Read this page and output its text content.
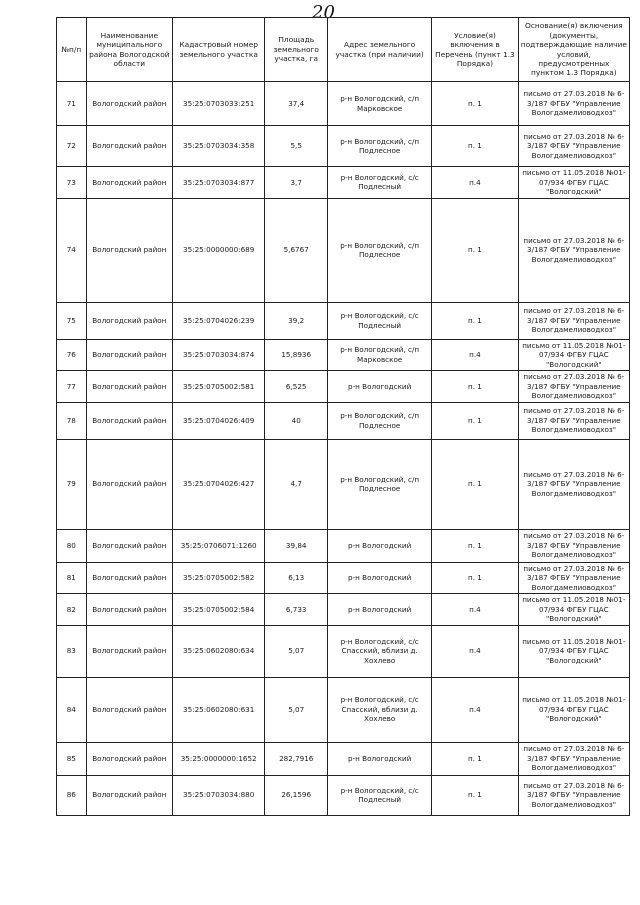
20
№п/п	Наименование муниципального района Вологодской области	Кадастровый номер земельного участка	Площадь земельного участка, га	Адрес земельного участка (при наличии)	Условие(я) включения в Перечень (пункт 1.3 Порядка)	Основание(я) включения (документы, подтверждающие наличие условий, предусмотренных пунктом 1.3 Порядка)
71	Вологодский район	35:25:0703033:251	37,4	р-н Вологодский, с/п Марковское	п. 1	письмо от 27.03.2018 № 6-3/187 ФГБУ "Управление Вологдамелиоводхоз"
72	Вологодский район	35:25:0703034:358	5,5	р-н Вологодский, с/п Подлесное	п. 1	письмо от 27.03.2018 № 6-3/187 ФГБУ "Управление Вологдамелиоводхоз"
73	Вологодский район	35:25:0703034:877	3,7	р-н Вологодский, с/с Подлесный	п.4	письмо от 11.05.2018 №01-07/934 ФГБУ ГЦАС "Вологодский"
74	Вологодский район	35:25:0000000:689	5,6767	р-н Вологодский, с/п Подлесное	п. 1	письмо от 27.03.2018 № 6-3/187 ФГБУ "Управление Вологдамелиоводхоз"
75	Вологодский район	35:25:0704026:239	39,2	р-н Вологодский, с/с Подлесный	п. 1	письмо от 27.03.2018 № 6-3/187 ФГБУ "Управление Вологдамелиоводхоз"
76	Вологодский район	35:25:0703034:874	15,8936	р-н Вологодский, с/п Марковское	п.4	письмо от 11.05.2018 №01-07/934 ФГБУ ГЦАС "Вологодский"
77	Вологодский район	35:25:0705002:581	6,525	р-н Вологодский	п. 1	письмо от 27.03.2018 № 6-3/187 ФГБУ "Управление Вологдамелиоводхоз"
78	Вологодский район	35:25:0704026:409	40	р-н Вологодский, с/п Подлесное	п. 1	письмо от 27.03.2018 № 6-3/187 ФГБУ "Управление Вологдамелиоводхоз"
79	Вологодский район	35:25:0704026:427	4,7	р-н Вологодский, с/п Подлесное	п. 1	письмо от 27.03.2018 № 6-3/187 ФГБУ "Управление Вологдамелиоводхоз"
80	Вологодский район	35:25:0706071:1260	39,84	р-н Вологодский	п. 1	письмо от 27.03.2018 № 6-3/187 ФГБУ "Управление Вологдамелиоводхоз"
81	Вологодский район	35:25:0705002:582	6,13	р-н Вологодский	п. 1	письмо от 27.03.2018 № 6-3/187 ФГБУ "Управление Вологдамелиоводхоз"
82	Вологодский район	35:25:0705002:584	6,733	р-н Вологодский	п.4	письмо от 11.05.2018 №01-07/934 ФГБУ ГЦАС "Вологодский"
83	Вологодский район	35:25:0602080:634	5,07	р-н Вологодский, с/с Спасский, вблизи д. Хохлево	п.4	письмо от 11.05.2018 №01-07/934 ФГБУ ГЦАС "Вологодский"
84	Вологодский район	35:25:0602080:631	5,07	р-н Вологодский, с/с Спасский, вблизи д. Хохлево	п.4	письмо от 11.05.2018 №01-07/934 ФГБУ ГЦАС "Вологодский"
85	Вологодский район	35:25:0000000:1652	282,7916	р-н Вологодский	п. 1	письмо от 27.03.2018 № 6-3/187 ФГБУ "Управление Вологдамелиоводхоз"
86	Вологодский район	35:25:0703034:880	26,1596	р-н Вологодский, с/с Подлесный	п. 1	письмо от 27.03.2018 № 6-3/187 ФГБУ "Управление Вологдамелиоводхоз"
